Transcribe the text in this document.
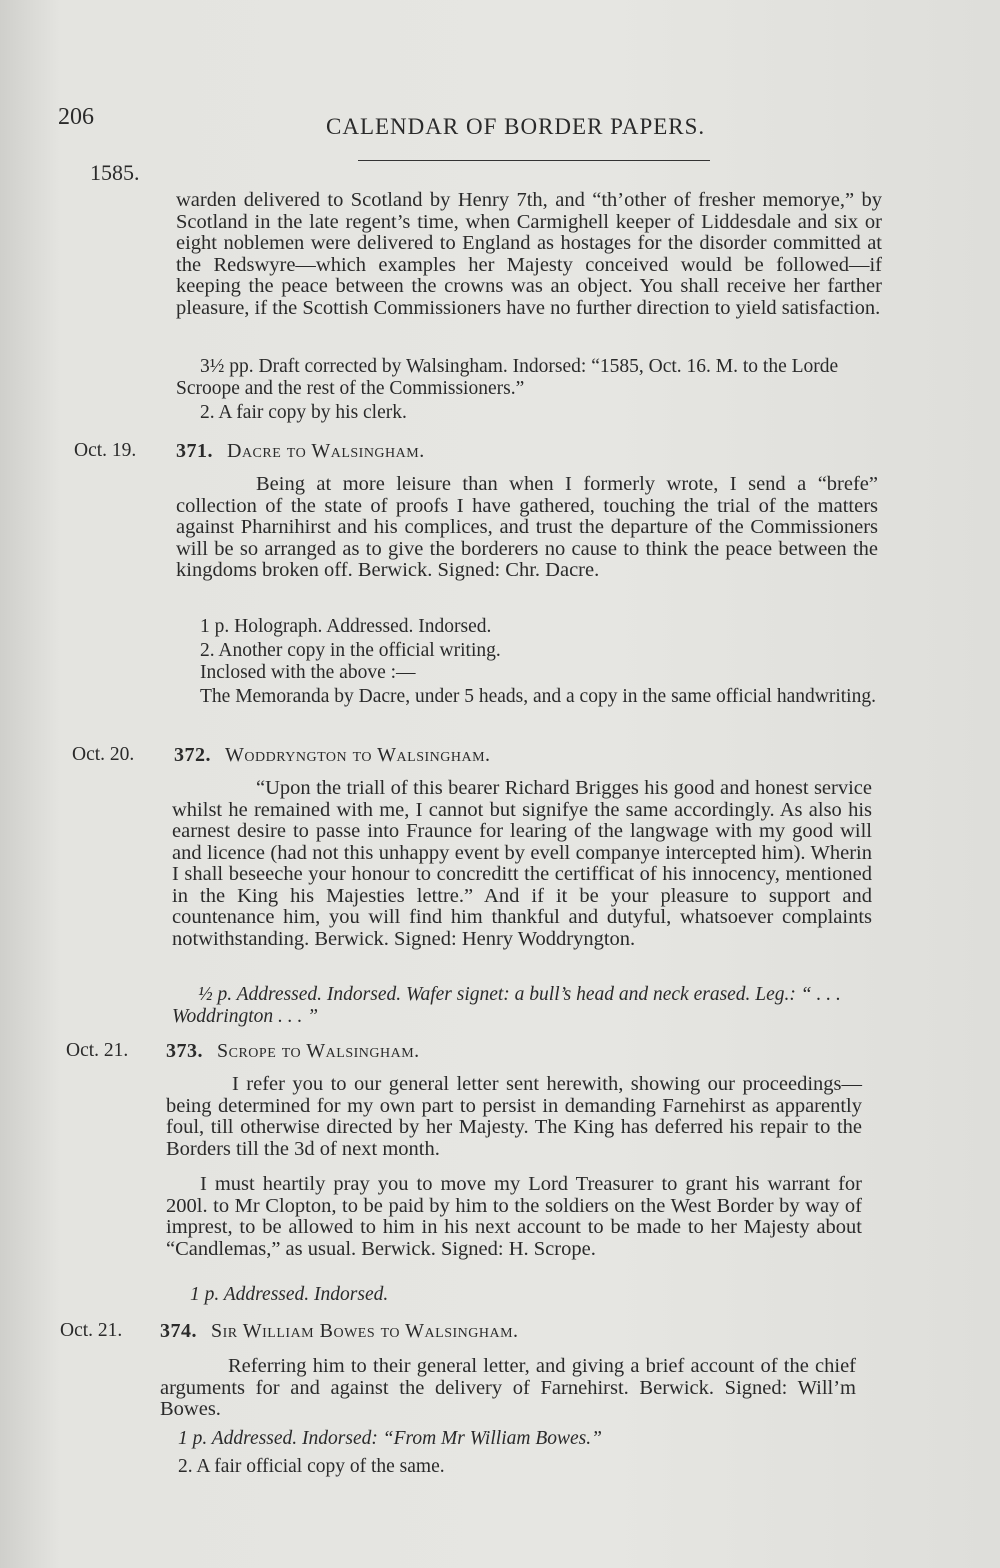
206	CALENDAR OF BORDER PAPERS.
1585.
warden delivered to Scotland by Henry 7th, and “th’other of fresher memorye,” by Scotland in the late regent’s time, when Carmighell keeper of Liddesdale and six or eight noblemen were delivered to England as hostages for the disorder committed at the Redswyre—which examples her Majesty conceived would be followed—if keeping the peace between the crowns was an object. You shall receive her farther pleasure, if the Scottish Commissioners have no further direction to yield satisfaction.
3½ pp. Draft corrected by Walsingham. Indorsed: “1585, Oct. 16. M. to the Lorde Scroope and the rest of the Commissioners.”
2. A fair copy by his clerk.
Oct. 19. 371. Dacre to Walsingham.
Being at more leisure than when I formerly wrote, I send a “brefe” collection of the state of proofs I have gathered, touching the trial of the matters against Pharnihirst and his complices, and trust the departure of the Commissioners will be so arranged as to give the borderers no cause to think the peace between the kingdoms broken off. Berwick. Signed: Chr. Dacre.
1 p. Holograph. Addressed. Indorsed.
2. Another copy in the official writing.
Inclosed with the above :—
The Memoranda by Dacre, under 5 heads, and a copy in the same official handwriting.
Oct. 20. 372. Woddryngton to Walsingham.
“Upon the triall of this bearer Richard Brigges his good and honest service whilst he remained with me, I cannot but signifye the same accordingly. As also his earnest desire to passe into Fraunce for learing of the langwage with my good will and licence (had not this unhappy event by evell companye intercepted him). Wherin I shall beseeche your honour to concreditt the certifficat of his innocency, mentioned in the King his Majesties lettre.” And if it be your pleasure to support and countenance him, you will find him thankful and dutyful, whatsoever complaints notwithstanding. Berwick. Signed: Henry Woddryngton.
½ p. Addressed. Indorsed. Wafer signet: a bull’s head and neck erased. Leg.: “ . . . Woddrington . . . ”
Oct. 21. 373. Scrope to Walsingham.
I refer you to our general letter sent herewith, showing our proceedings—being determined for my own part to persist in demanding Farnehirst as apparently foul, till otherwise directed by her Majesty. The King has deferred his repair to the Borders till the 3d of next month.
I must heartily pray you to move my Lord Treasurer to grant his warrant for 200l. to Mr Clopton, to be paid by him to the soldiers on the West Border by way of imprest, to be allowed to him in his next account to be made to her Majesty about “Candlemas,” as usual. Berwick. Signed: H. Scrope.
1 p. Addressed. Indorsed.
Oct. 21. 374. Sir William Bowes to Walsingham.
Referring him to their general letter, and giving a brief account of the chief arguments for and against the delivery of Farnehirst. Berwick. Signed: Will’m Bowes.
1 p. Addressed. Indorsed: “From Mr William Bowes.”
2. A fair official copy of the same.
